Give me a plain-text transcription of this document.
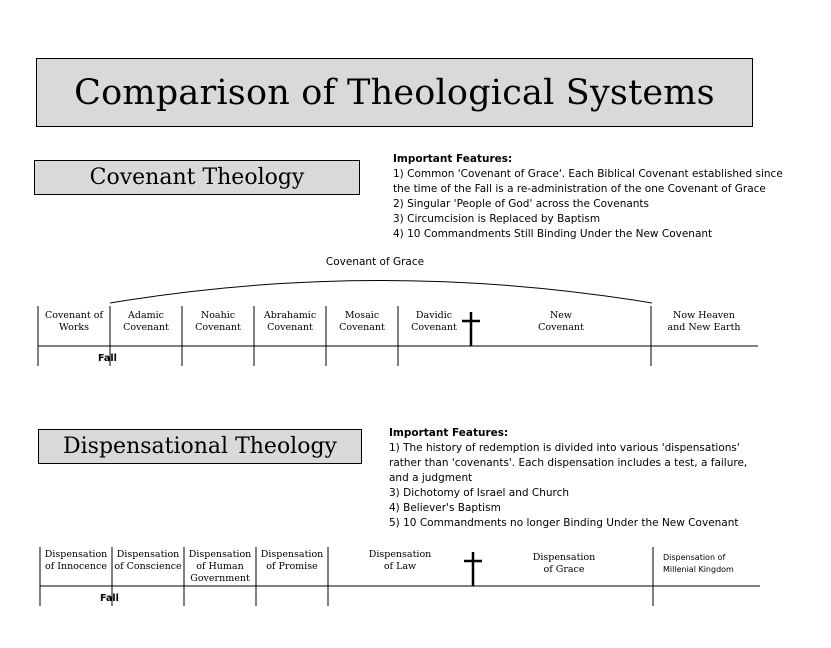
Comparison of Theological Systems
Covenant Theology
Important Features:
1) Common 'Covenant of Grace'. Each Biblical Covenant established since
the time of the Fall is a re-administration of the one Covenant of Grace
2) Singular 'People of God' across the Covenants
3) Circumcision is Replaced by Baptism
4) 10 Commandments Still Binding Under the New Covenant
Dispensational Theology
Important Features:
1) The history of redemption is divided into various 'dispensations'
rather than 'covenants'. Each dispensation includes a test, a failure,
and a judgment
3) Dichotomy of Israel and Church
4) Believer's Baptism
5) 10 Commandments no longer Binding Under the New Covenant
Covenant of Grace
Covenant of
Works
Adamic
Covenant
Noahic
Covenant
Abrahamic
Covenant
Mosaic
Covenant
Davidic
Covenant
New
Covenant
Now Heaven
and New Earth
Fall
Dispensation
of Innocence
Dispensation
of Conscience
Dispensation
of Human
Government
Dispensation
of Promise
Dispensation
of Law
Dispensation
of Grace
Dispensation of
Millenial Kingdom
Fall
